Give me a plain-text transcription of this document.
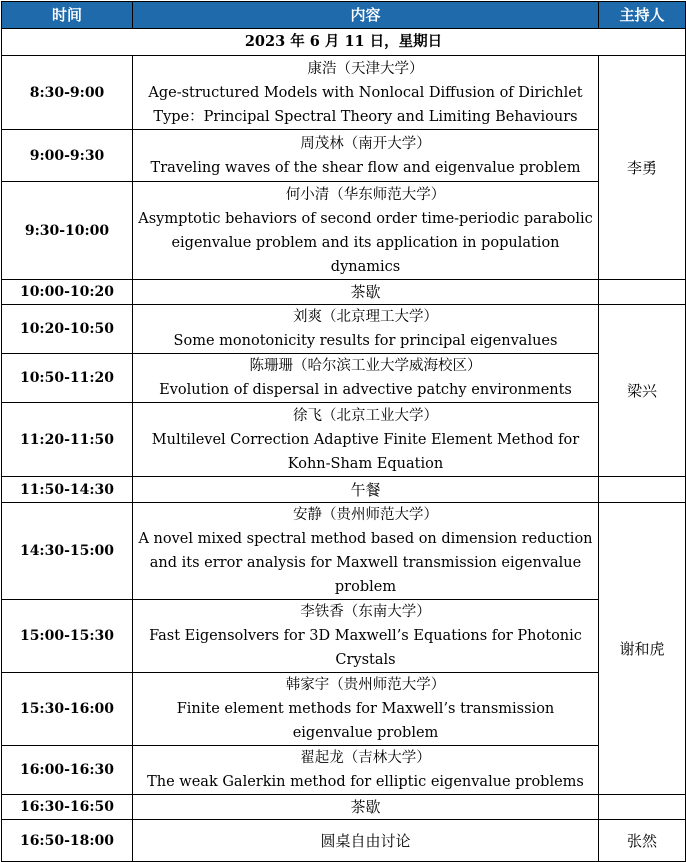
时间	内容	主持人
2023 年 6 月 11 日，星期日		
8:30-9:00	康浩（天津大学）
Age-structured Models with Nonlocal Diffusion of Dirichlet Type：Principal Spectral Theory and Limiting Behaviours	李勇
9:00-9:30	周茂林（南开大学）
Traveling waves of the shear flow and eigenvalue problem	

9:30-10:00	何小清（华东师范大学）
Asymptotic behaviors of second order time-periodic parabolic eigenvalue problem and its application in population dynamics	

10:00-10:20	茶歇	
10:20-10:50	刘爽（北京理工大学）
Some monotonicity results for principal eigenvalues	梁兴
10:50-11:20	陈珊珊（哈尔滨工业大学威海校区）
Evolution of dispersal in advective patchy environments	

11:20-11:50	徐飞（北京工业大学）
Multilevel Correction Adaptive Finite Element Method for Kohn-Sham Equation	

11:50-14:30	午餐	
14:30-15:00	安静（贵州师范大学）
A novel mixed spectral method based on dimension reduction and its error analysis for Maxwell transmission eigenvalue problem	谢和虎
15:00-15:30	李铁香（东南大学）
Fast Eigensolvers for 3D Maxwell’s Equations for Photonic Crystals	

15:30-16:00	韩家宇（贵州师范大学）
Finite element methods for Maxwell’s transmission eigenvalue problem	

16:00-16:30	翟起龙（吉林大学）
The weak Galerkin method for elliptic eigenvalue problems	

16:30-16:50	茶歇	
16:50-18:00	圆桌自由讨论	张然
